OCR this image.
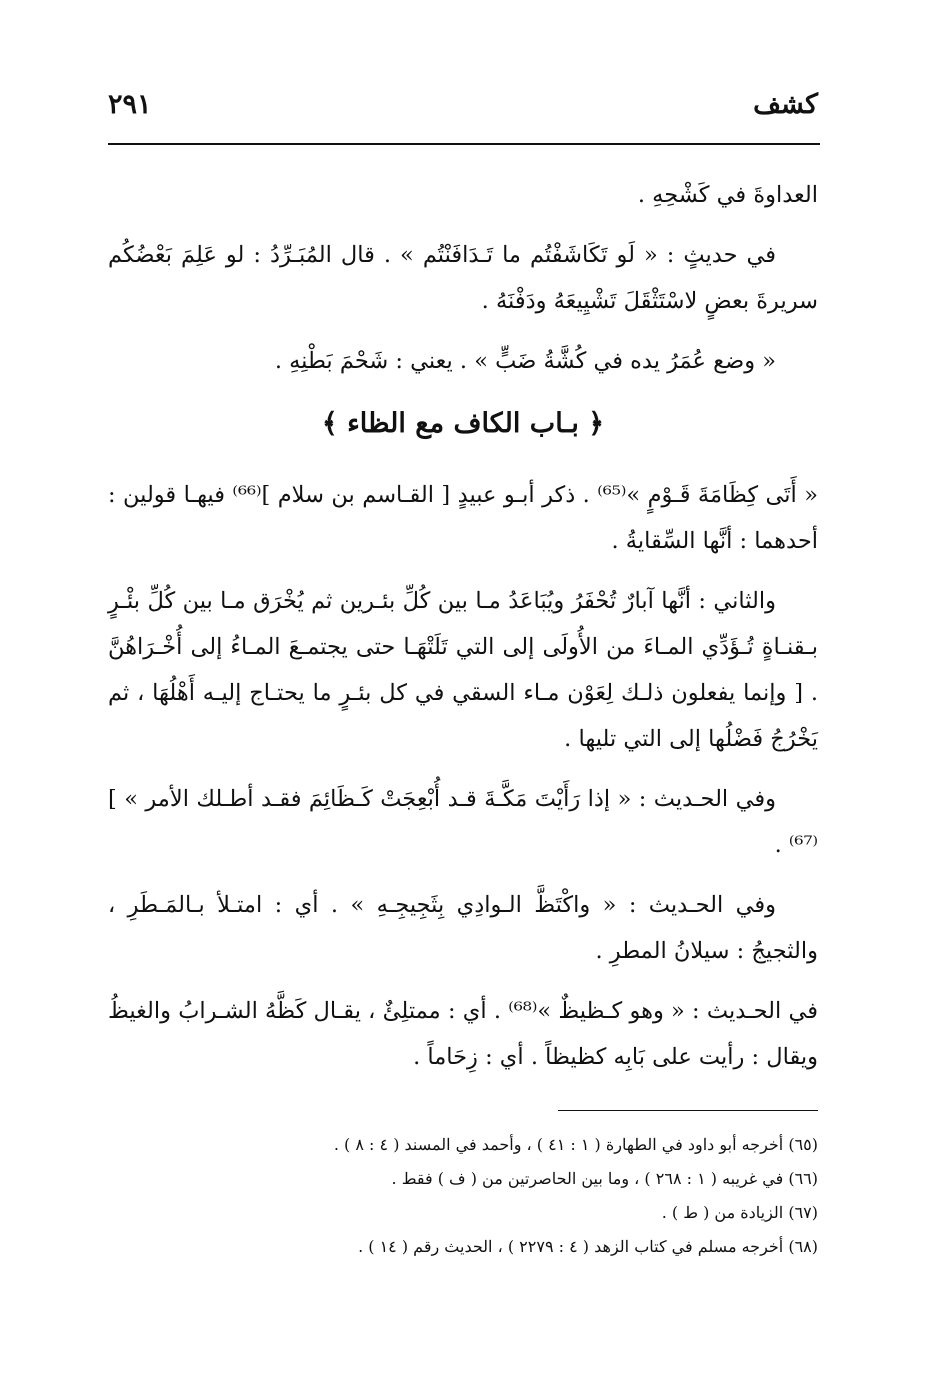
كشف
٢٩١

العداوةَ في كَشْحِهِ .

في حديثٍ : « لَو تَكَاشَفْتُم ما تَـدَافَنْتُم » . قال المُبَـرِّدُ : لو عَلِمَ بَعْضُكُم سريرةَ بعضٍ لاسْتَثْقَلَ تَشْيِيعَهُ ودَفْنَهُ .

« وضع عُمَرُ يده في كُشَّةُ ضَبٍّ » . يعني : شَحْمَ بَطْنِهِ .

﴿ بـاب الكاف مع الظاء ﴾

« أَتَى كِظَامَةَ قَـوْمٍ »⁽⁶⁵⁾ . ذكر أبـو عبيدٍ [ القـاسم بن سلام ]⁽⁶⁶⁾ فيهـا قولين : أحدهما : أنَّها السِّقايةُ .

والثاني : أنَّها آبارٌ تُحْفَرُ ويُبَاعَدُ مـا بين كُلِّ بئـرين ثم يُخْرَق مـا بين كُلِّ بئْـرٍ بـقنـاةٍ تُـؤَدِّي المـاءَ من الأُولَى إلى التي تَلَتْهَـا حتى يجتمـعَ المـاءُ إلى أُخْـرَاهُنَّ . [ وإنما يفعلون ذلـك لِعَوْن مـاء السقي في كل بئـرٍ ما يحتـاج إليـه أَهْلُهَا ، ثم يَخْرُجُ فَضْلُها إلى التي تليها .

وفي الحـديث : « إذا رَأَيْتَ مَكَّـةَ قـد أُبْعِجَتْ كَـظَائِمَ فقـد أطـلك الأمر » ]⁽⁶⁷⁾ .

وفي الحـديث : « واكْتَظَّ الـوادِي بِثَجِيجِـهِ » . أي : امتـلأ بـالمَـطَرِ ، والثجيجُ : سيلانُ المطرِ .

في الحـديث : « وهو كـظيظٌ »⁽⁶⁸⁾ . أي : ممتلِئٌ ، يقـال كَظَّهُ الشـرابُ والغيظُ ويقال : رأيت على بَابِه كظيظاً . أي : زِحَاماً .

(٦٥) أخرجه أبو داود في الطهارة ( ١ : ٤١ ) ، وأحمد في المسند ( ٤ : ٨ ) .

(٦٦) في غريبه ( ١ : ٢٦٨ ) ، وما بين الحاصرتين من ( ف ) فقط .

(٦٧) الزيادة من ( ط ) .

(٦٨) أخرجه مسلم في كتاب الزهد ( ٤ : ٢٢٧٩ ) ، الحديث رقم ( ١٤ ) .
